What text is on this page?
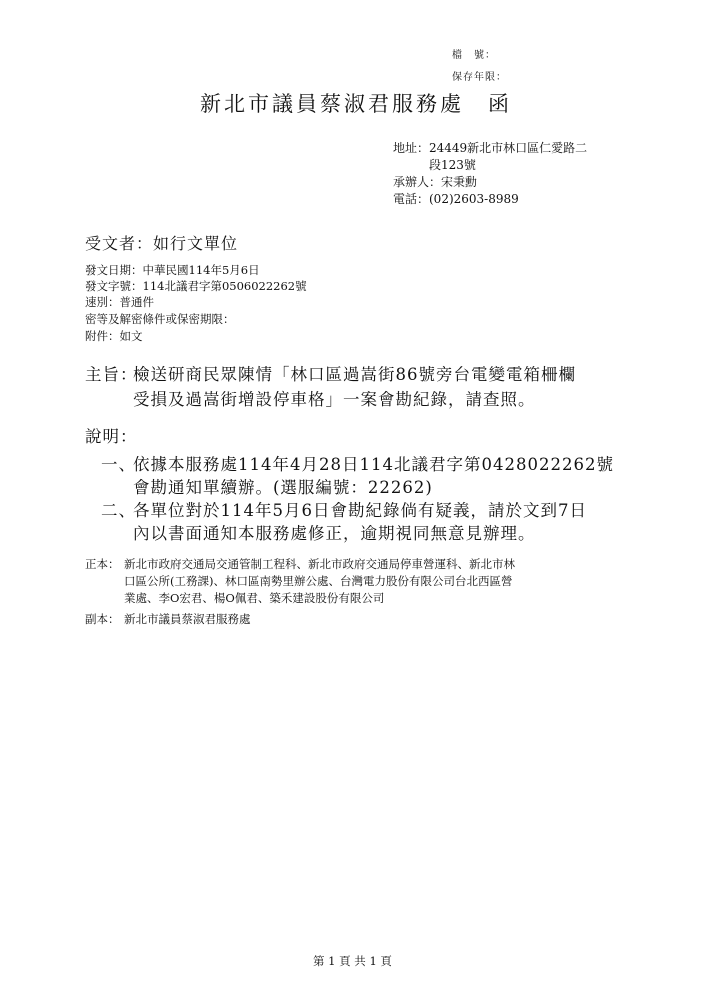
檔　號：
保存年限：
新北市議員蔡淑君服務處　函
地址：24449新北市林口區仁愛路二
段123號
承辦人：宋秉勳
電話：(02)2603-8989
受文者：如行文單位
發文日期：中華民國114年5月6日
發文字號：114北議君字第0506022262號
速別：普通件
密等及解密條件或保密期限：
附件：如文
主旨：
檢送研商民眾陳情「林口區過嵩街86號旁台電變電箱柵欄
受損及過嵩街增設停車格」一案會勘紀錄，請查照。
說明：
一、
依據本服務處114年4月28日114北議君字第0428022262號
會勘通知單續辦。(選服編號：22262)
二、
各單位對於114年5月6日會勘紀錄倘有疑義，請於文到7日
內以書面通知本服務處修正，逾期視同無意見辦理。
正本： 新北市政府交通局交通管制工程科、新北市政府交通局停車營運科、新北市林
口區公所(工務課)、林口區南勢里辦公處、台灣電力股份有限公司台北西區營
業處、李O宏君、楊O佩君、築禾建設股份有限公司
副本： 新北市議員蔡淑君服務處
第 1 頁 共 1 頁
